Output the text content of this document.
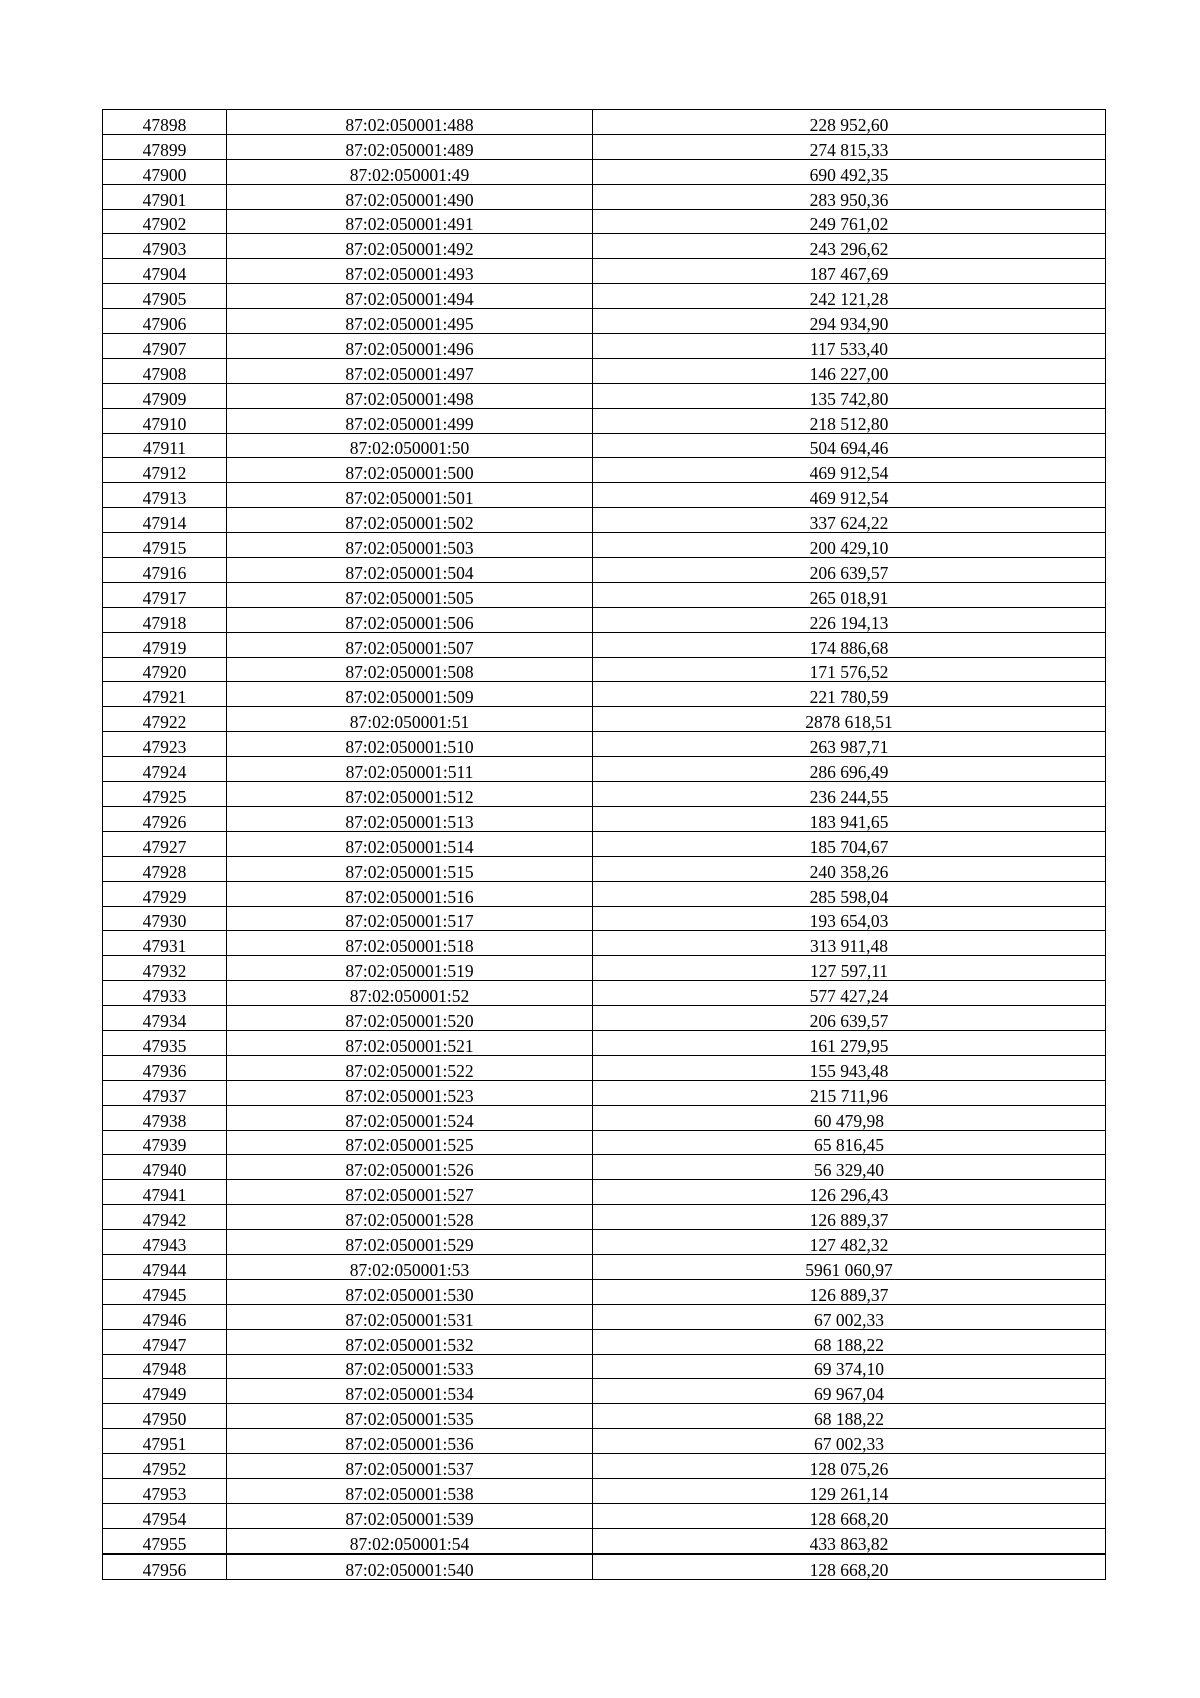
47898	87:02:050001:488	228 952,60
47899	87:02:050001:489	274 815,33
47900	87:02:050001:49	690 492,35
47901	87:02:050001:490	283 950,36
47902	87:02:050001:491	249 761,02
47903	87:02:050001:492	243 296,62
47904	87:02:050001:493	187 467,69
47905	87:02:050001:494	242 121,28
47906	87:02:050001:495	294 934,90
47907	87:02:050001:496	117 533,40
47908	87:02:050001:497	146 227,00
47909	87:02:050001:498	135 742,80
47910	87:02:050001:499	218 512,80
47911	87:02:050001:50	504 694,46
47912	87:02:050001:500	469 912,54
47913	87:02:050001:501	469 912,54
47914	87:02:050001:502	337 624,22
47915	87:02:050001:503	200 429,10
47916	87:02:050001:504	206 639,57
47917	87:02:050001:505	265 018,91
47918	87:02:050001:506	226 194,13
47919	87:02:050001:507	174 886,68
47920	87:02:050001:508	171 576,52
47921	87:02:050001:509	221 780,59
47922	87:02:050001:51	2878 618,51
47923	87:02:050001:510	263 987,71
47924	87:02:050001:511	286 696,49
47925	87:02:050001:512	236 244,55
47926	87:02:050001:513	183 941,65
47927	87:02:050001:514	185 704,67
47928	87:02:050001:515	240 358,26
47929	87:02:050001:516	285 598,04
47930	87:02:050001:517	193 654,03
47931	87:02:050001:518	313 911,48
47932	87:02:050001:519	127 597,11
47933	87:02:050001:52	577 427,24
47934	87:02:050001:520	206 639,57
47935	87:02:050001:521	161 279,95
47936	87:02:050001:522	155 943,48
47937	87:02:050001:523	215 711,96
47938	87:02:050001:524	60 479,98
47939	87:02:050001:525	65 816,45
47940	87:02:050001:526	56 329,40
47941	87:02:050001:527	126 296,43
47942	87:02:050001:528	126 889,37
47943	87:02:050001:529	127 482,32
47944	87:02:050001:53	5961 060,97
47945	87:02:050001:530	126 889,37
47946	87:02:050001:531	67 002,33
47947	87:02:050001:532	68 188,22
47948	87:02:050001:533	69 374,10
47949	87:02:050001:534	69 967,04
47950	87:02:050001:535	68 188,22
47951	87:02:050001:536	67 002,33
47952	87:02:050001:537	128 075,26
47953	87:02:050001:538	129 261,14
47954	87:02:050001:539	128 668,20
47955	87:02:050001:54	433 863,82
47956	87:02:050001:540	128 668,20
